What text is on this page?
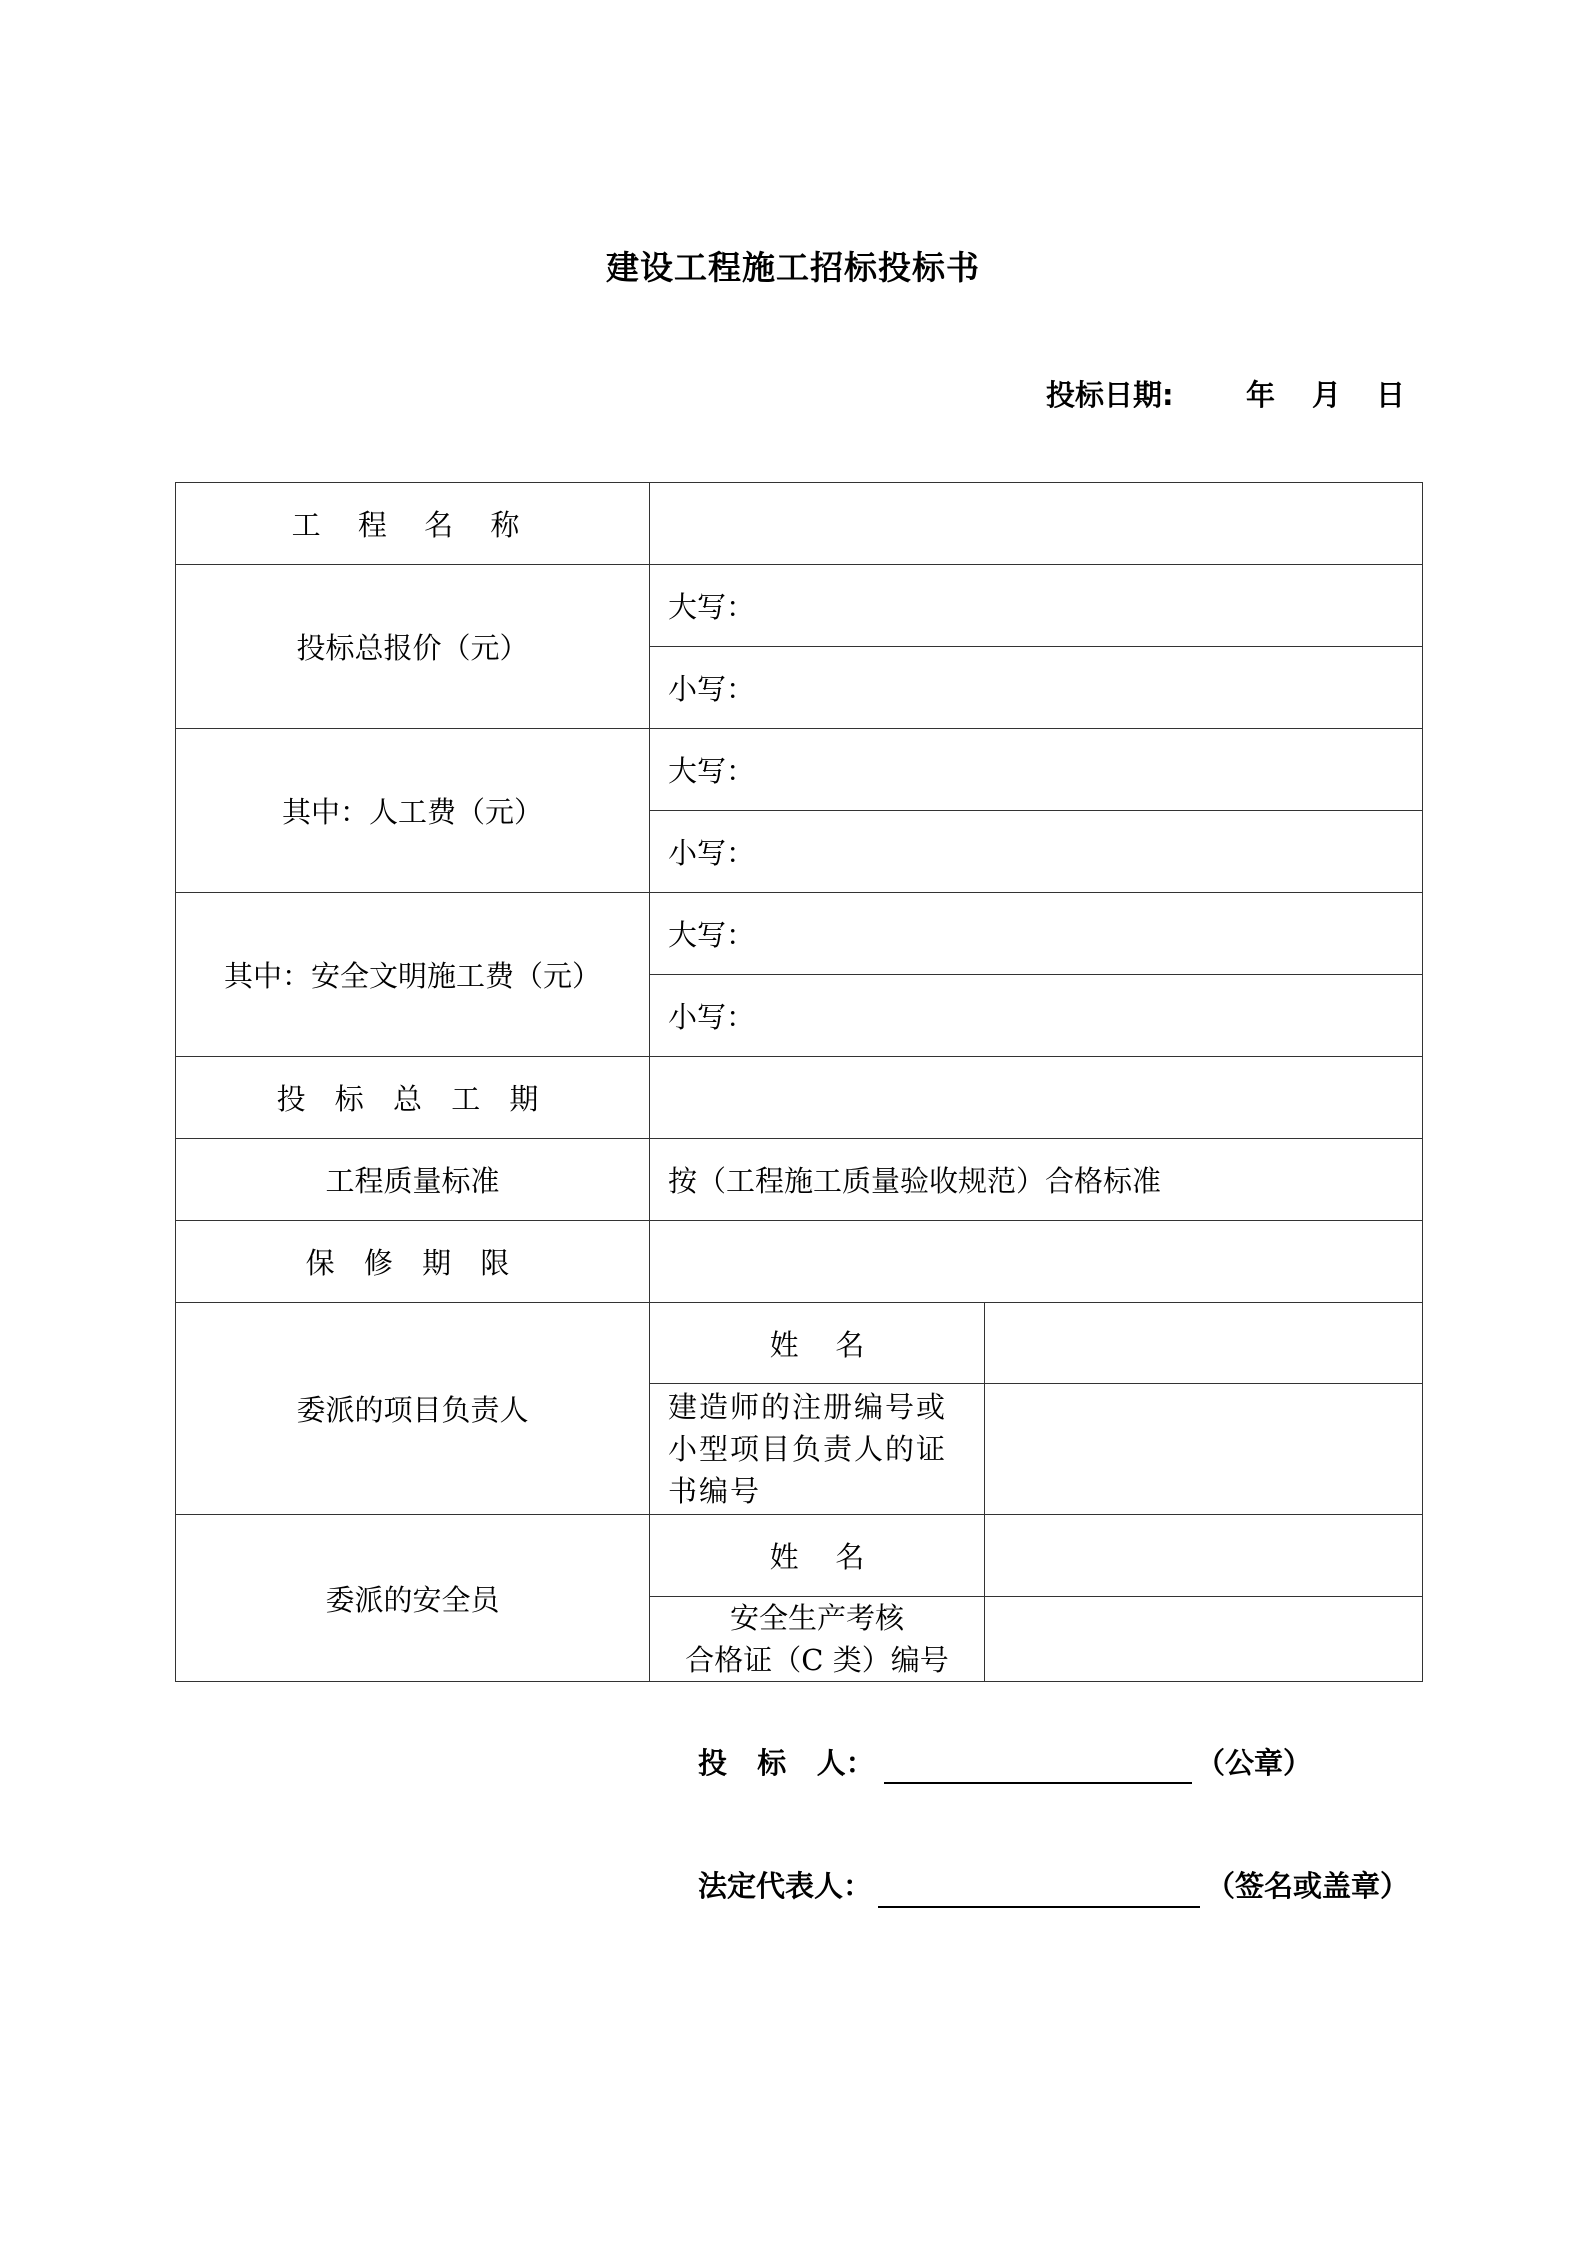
建设工程施工招标投标书
投标日期: 年 月 日
工 程 名 称		
投标总报价（元）	大写：	
	小写：	
其中：人工费（元）	大写：	
	小写：	
其中：安全文明施工费（元）	大写：	
	小写：	
投 标 总 工 期		
工程质量标准	按（工程施工质量验收规范）合格标准	
保 修 期 限		
委派的项目负责人	姓    名	
	建造师的注册编号或小型项目负责人的证书编号	
委派的安全员	姓    名	

	安全生产考核
合格证（C 类）编号	

投   标   人：	（公章）
法定代表人：	（签名或盖章）
